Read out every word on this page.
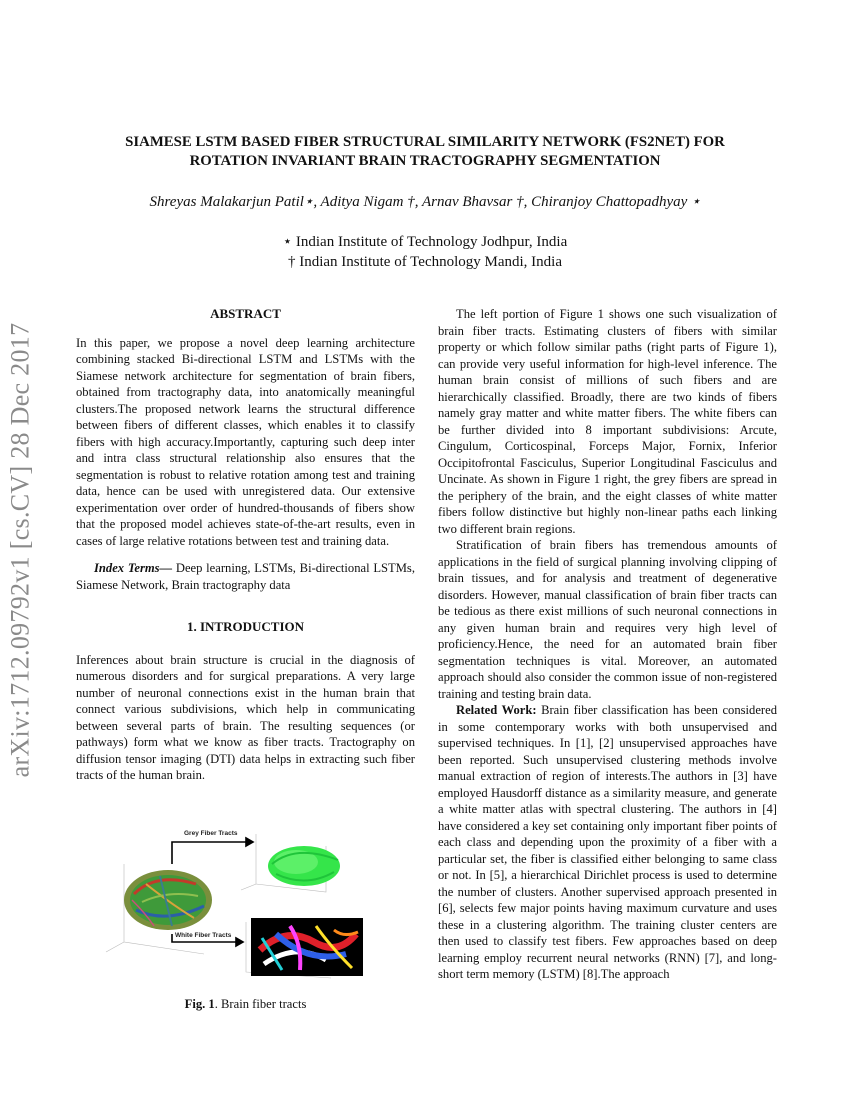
arXiv:1712.09792v1 [cs.CV] 28 Dec 2017
SIAMESE LSTM BASED FIBER STRUCTURAL SIMILARITY NETWORK (FS2NET) FOR
ROTATION INVARIANT BRAIN TRACTOGRAPHY SEGMENTATION
Shreyas Malakarjun Patil⋆, Aditya Nigam †, Arnav Bhavsar †, Chiranjoy Chattopadhyay ⋆
⋆ Indian Institute of Technology Jodhpur, India
† Indian Institute of Technology Mandi, India
ABSTRACT

In this paper, we propose a novel deep learning architecture combining stacked Bi-directional LSTM and LSTMs with the Siamese network architecture for segmentation of brain fibers, obtained from tractography data, into anatomically meaningful clusters.The proposed network learns the structural difference between fibers of different classes, which enables it to classify fibers with high accuracy.Importantly, capturing such deep inter and intra class structural relationship also ensures that the segmentation is robust to relative rotation among test and training data, hence can be used with unregistered data. Our extensive experimentation over order of hundred-thousands of fibers show that the proposed model achieves state-of-the-art results, even in cases of large relative rotations between test and training data.

Index Terms— Deep learning, LSTMs, Bi-directional LSTMs, Siamese Network, Brain tractography data

1. INTRODUCTION

Inferences about brain structure is crucial in the diagnosis of numerous disorders and for surgical preparations. A very large number of neuronal connections exist in the human brain that connect various subdivisions, which help in communicating between several parts of brain. The resulting sequences (or pathways) form what we know as fiber tracts. Tractography on diffusion tensor imaging (DTI) data helps in extracting such fiber tracts of the human brain.

Grey Fiber Tracts
White Fiber Tracts
Fig. 1. Brain fiber tracts

The left portion of Figure 1 shows one such visualization of brain fiber tracts. Estimating clusters of fibers with similar property or which follow similar paths (right parts of Figure 1), can provide very useful information for high-level inference. The human brain consist of millions of such fibers and are hierarchically classified. Broadly, there are two kinds of fibers namely gray matter and white matter fibers. The white fibers can be further divided into 8 important subdivisions: Arcute, Cingulum, Corticospinal, Forceps Major, Fornix, Inferior Occipitofrontal Fasciculus, Superior Longitudinal Fasciculus and Uncinate. As shown in Figure 1 right, the grey fibers are spread in the periphery of the brain, and the eight classes of white matter fibers follow distinctive but highly non-linear paths each linking two different brain regions.

Stratification of brain fibers has tremendous amounts of applications in the field of surgical planning involving clipping of brain tissues, and for analysis and treatment of degenerative disorders. However, manual classification of brain fiber tracts can be tedious as there exist millions of such neuronal connections in any given human brain and requires very high level of proficiency.Hence, the need for an automated brain fiber segmentation techniques is vital. Moreover, an automated approach should also consider the common issue of non-registered training and testing brain data.

Related Work: Brain fiber classification has been considered in some contemporary works with both unsupervised and supervised techniques. In [1], [2] unsupervised approaches have been reported. Such unsupervised clustering methods involve manual extraction of region of interests.The authors in [3] have employed Hausdorff distance as a similarity measure, and generate a white matter atlas with spectral clustering. The authors in [4] have considered a key set containing only important fiber points of each class and depending upon the proximity of a fiber with a particular set, the fiber is classified either belonging to same class or not. In [5], a hierarchical Dirichlet process is used to determine the number of clusters. Another supervised approach presented in [6], selects few major points having maximum curvature and uses these in a clustering algorithm. The training cluster centers are then used to classify test fibers. Few approaches based on deep learning employ recurrent neural networks (RNN) [7], and long-short term memory (LSTM) [8].The approach
